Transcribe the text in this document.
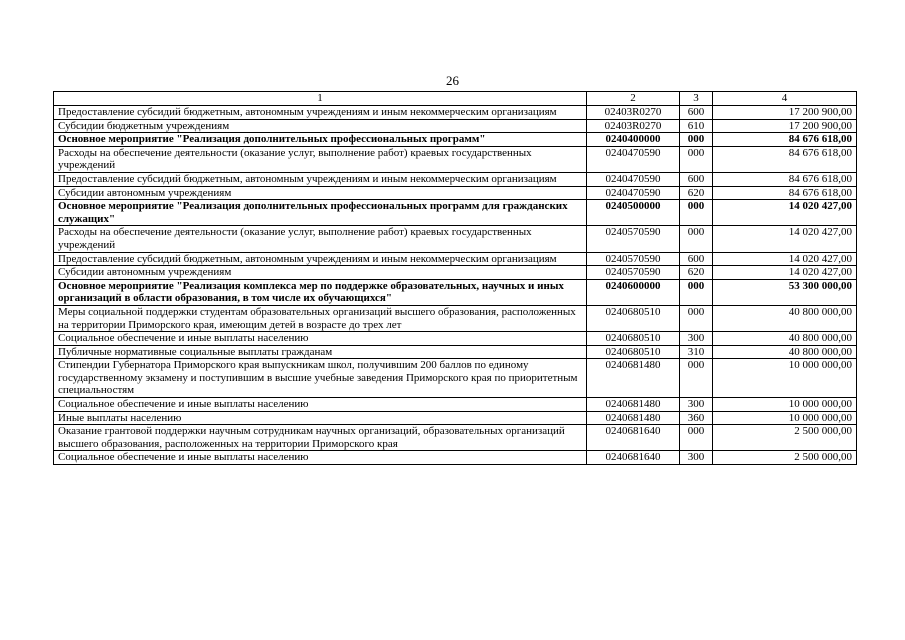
26
1	2	3	4
Предоставление субсидий бюджетным, автономным учреждениям и иным некоммерческим организациям	02403R0270	600	17 200 900,00
Субсидии бюджетным учреждениям	02403R0270	610	17 200 900,00
Основное мероприятие "Реализация дополнительных профессиональных программ"	0240400000	000	84 676 618,00
Расходы на обеспечение деятельности (оказание услуг, выполнение работ) краевых государственных учреждений	0240470590	000	84 676 618,00
Предоставление субсидий бюджетным, автономным учреждениям и иным некоммерческим организациям	0240470590	600	84 676 618,00
Субсидии автономным учреждениям	0240470590	620	84 676 618,00
Основное мероприятие "Реализация дополнительных профессиональных программ для гражданских служащих"	0240500000	000	14 020 427,00
Расходы на обеспечение деятельности (оказание услуг, выполнение работ) краевых государственных учреждений	0240570590	000	14 020 427,00
Предоставление субсидий бюджетным, автономным учреждениям и иным некоммерческим организациям	0240570590	600	14 020 427,00
Субсидии автономным учреждениям	0240570590	620	14 020 427,00
Основное мероприятие "Реализация комплекса мер по поддержке образовательных, научных и иных организаций в области образования, в том числе их обучающихся"	0240600000	000	53 300 000,00
Меры социальной поддержки студентам образовательных организаций высшего образования, расположенных на территории Приморского края, имеющим детей в возрасте до трех лет	0240680510	000	40 800 000,00
Социальное обеспечение и иные выплаты населению	0240680510	300	40 800 000,00
Публичные нормативные социальные выплаты гражданам	0240680510	310	40 800 000,00
Стипендии Губернатора Приморского края выпускникам школ, получившим 200 баллов по единому государственному экзамену и поступившим в высшие учебные заведения Приморского края по приоритетным специальностям	0240681480	000	10 000 000,00
Социальное обеспечение и иные выплаты населению	0240681480	300	10 000 000,00
Иные выплаты населению	0240681480	360	10 000 000,00
Оказание грантовой поддержки научным сотрудникам научных организаций, образовательных организаций высшего образования, расположенных на территории Приморского края	0240681640	000	2 500 000,00
Социальное обеспечение и иные выплаты населению	0240681640	300	2 500 000,00
